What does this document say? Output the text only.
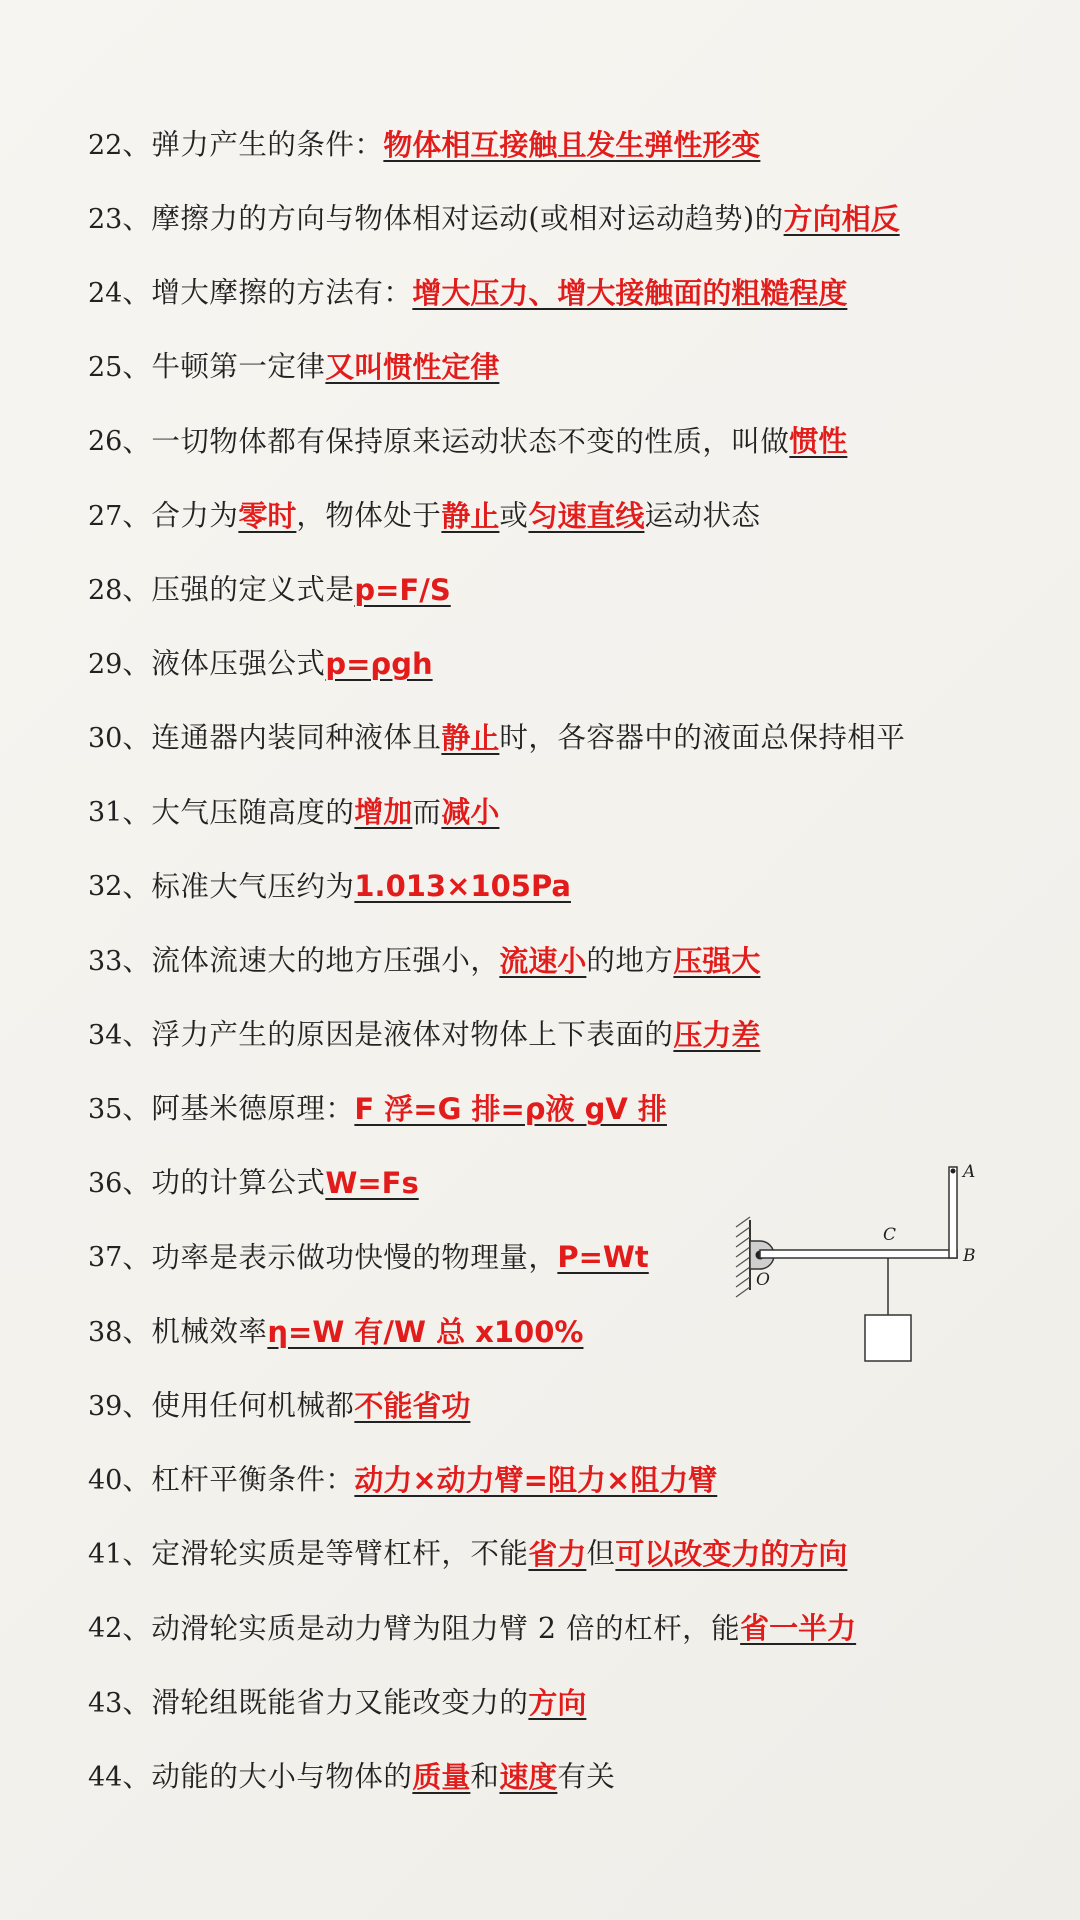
22 、弹力产生的条件： 物体相互接触且发生弹性形变
23 、摩擦力的方向与物体相对运动(或相对运动趋势)的 方向相反
24 、增大摩擦的方法有： 增大压力、增大接触面的粗糙程度
25 、牛顿第一定律 又叫惯性定律
26 、一切物体都有保持原来运动状态不变的性质，叫做 惯性
27 、合力为 零时 ，物体处于 静止 或 匀速直线 运动状态
28 、压强的定义式是 p=F/S
29 、液体压强公式 p=ρgh
30 、连通器内装同种液体且 静止 时，各容器中的液面总保持相平
31 、大气压随高度的 增加 而 减小
32 、标准大气压约为 1.013×105Pa
33 、流体流速大的地方压强小， 流速小 的地方 压强大
34 、浮力产生的原因是液体对物体上下表面的 压力差
35 、阿基米德原理： F 浮=G 排=ρ液 gV 排
36 、功的计算公式 W=Fs
37 、功率是表示做功快慢的物理量， P=Wt
38 、机械效率 η=W 有/W 总 x100%
39 、使用任何机械都 不能省功
40 、杠杆平衡条件： 动力×动力臂=阻力×阻力臂
41 、定滑轮实质是等臂杠杆，不能 省力 但 可以改变力的方向
42 、动滑轮实质是动力臂为阻力臂 2 倍的杠杆，能 省一半力
43 、滑轮组既能省力又能改变力的 方向
44 、动能的大小与物体的 质量 和 速度 有关
A
B
C
O
